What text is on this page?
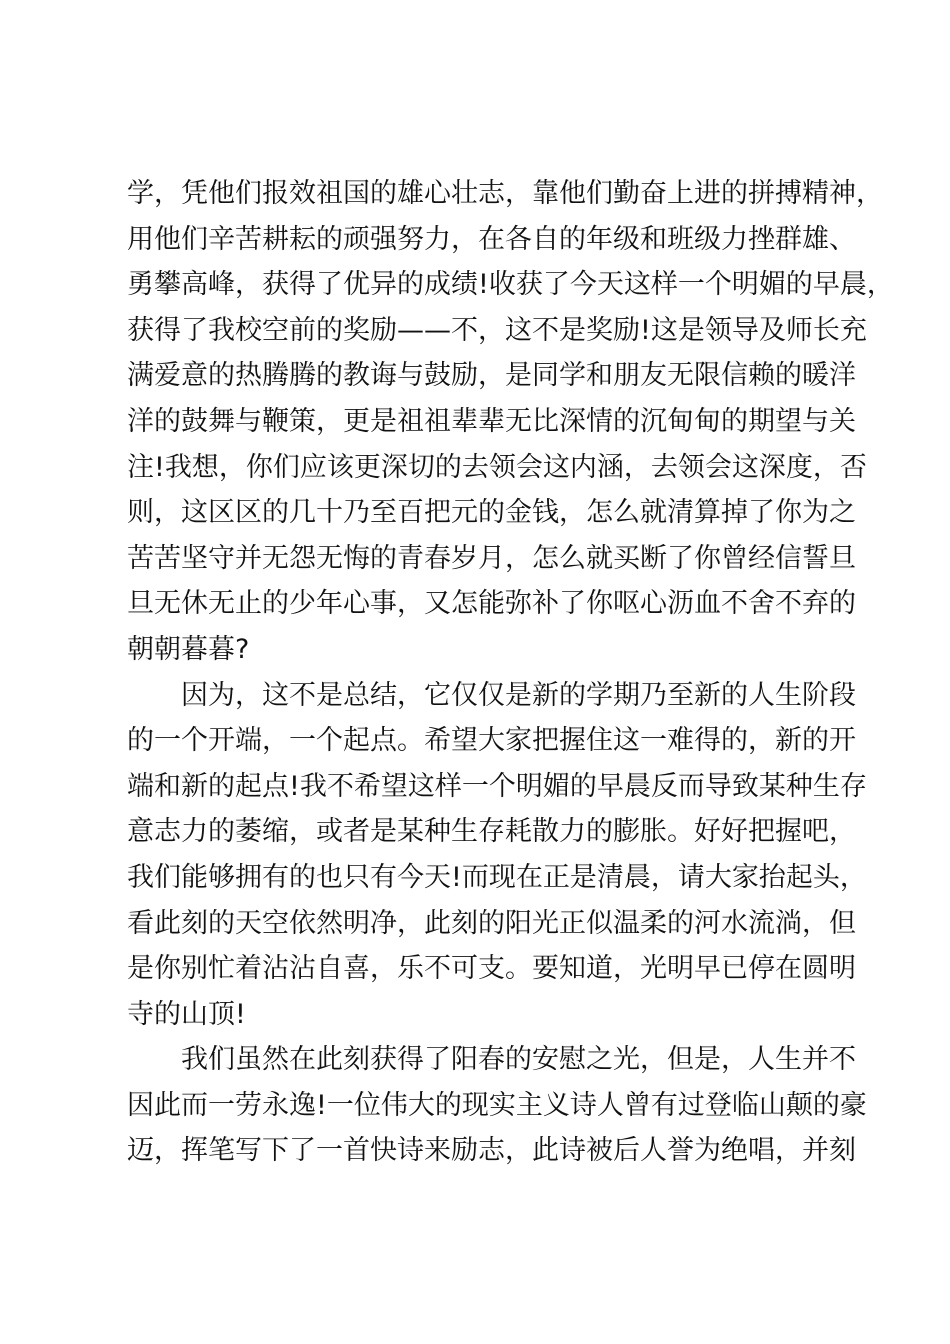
学，凭他们报效祖国的雄心壮志，靠他们勤奋上进的拼搏精神，
用他们辛苦耕耘的顽强努力，在各自的年级和班级力挫群雄、
勇攀高峰，获得了优异的成绩!收获了今天这样一个明媚的早晨，
获得了我校空前的奖励——不，这不是奖励!这是领导及师长充
满爱意的热腾腾的教诲与鼓励，是同学和朋友无限信赖的暖洋
洋的鼓舞与鞭策，更是祖祖辈辈无比深情的沉甸甸的期望与关
注!我想，你们应该更深切的去领会这内涵，去领会这深度，否
则，这区区的几十乃至百把元的金钱，怎么就清算掉了你为之
苦苦坚守并无怨无悔的青春岁月，怎么就买断了你曾经信誓旦
旦无休无止的少年心事，又怎能弥补了你呕心沥血不舍不弃的
朝朝暮暮?
因为，这不是总结，它仅仅是新的学期乃至新的人生阶段
的一个开端，一个起点。希望大家把握住这一难得的，新的开
端和新的起点!我不希望这样一个明媚的早晨反而导致某种生存
意志力的萎缩，或者是某种生存耗散力的膨胀。好好把握吧，
我们能够拥有的也只有今天!而现在正是清晨，请大家抬起头，
看此刻的天空依然明净，此刻的阳光正似温柔的河水流淌，但
是你别忙着沾沾自喜，乐不可支。要知道，光明早已停在圆明
寺的山顶!
我们虽然在此刻获得了阳春的安慰之光，但是，人生并不
因此而一劳永逸!一位伟大的现实主义诗人曾有过登临山颠的豪
迈，挥笔写下了一首快诗来励志，此诗被后人誉为绝唱，并刻
